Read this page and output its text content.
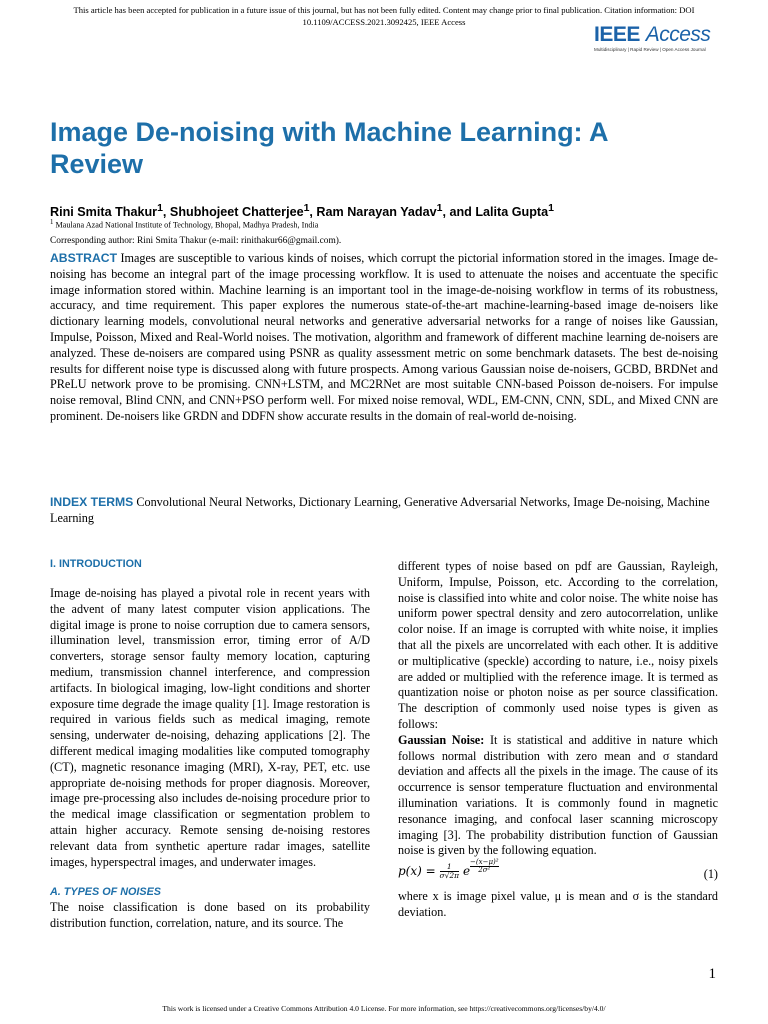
This article has been accepted for publication in a future issue of this journal, but has not been fully edited. Content may change prior to final publication. Citation information: DOI
10.1109/ACCESS.2021.3092425, IEEE Access
IEEE Access
Multidisciplinary | Rapid Review | Open Access Journal
Image De-noising with Machine Learning: A Review
Rini Smita Thakur$^1$, Shubhojeet Chatterjee$^1$, Ram Narayan Yadav$^1$, and Lalita Gupta$^1$
$^1$ Maulana Azad National Institute of Technology, Bhopal, Madhya Pradesh, India
Corresponding author: Rini Smita Thakur (e-mail: rinithakur66@gmail.com).
ABSTRACT Images are susceptible to various kinds of noises, which corrupt the pictorial information stored in the images. Image de-noising has become an integral part of the image processing workflow. It is used to attenuate the noises and accentuate the specific image information stored within. Machine learning is an important tool in the image-de-noising workflow in terms of its robustness, accuracy, and time requirement. This paper explores the numerous state-of-the-art machine-learning-based image de-noisers like dictionary learning models, convolutional neural networks and generative adversarial networks for a range of noises like Gaussian, Impulse, Poisson, Mixed and Real-World noises. The motivation, algorithm and framework of different machine learning de-noisers are analyzed. These de-noisers are compared using PSNR as quality assessment metric on some benchmark datasets. The best de-noising results for different noise type is discussed along with future prospects. Among various Gaussian noise de-noisers, GCBD, BRDNet and PReLU network prove to be promising. CNN+LSTM, and MC2RNet are most suitable CNN-based Poisson de-noisers. For impulse noise removal, Blind CNN, and CNN+PSO perform well. For mixed noise removal, WDL, EM-CNN, CNN, SDL, and Mixed CNN are prominent. De-noisers like GRDN and DDFN show accurate results in the domain of real-world de-noising.
INDEX TERMS Convolutional Neural Networks, Dictionary Learning, Generative Adversarial Networks, Image De-noising, Machine Learning
I. INTRODUCTION

Image de-noising has played a pivotal role in recent years with the advent of many latest computer vision applications. The digital image is prone to noise corruption due to camera sensors, illumination level, transmission error, timing error of A/D converters, storage sensor faulty memory location, capturing medium, transmission channel interference, and compression artifacts. In biological imaging, low-light conditions and shorter exposure time degrade the image quality [1]. Image restoration is required in various fields such as medical imaging, remote sensing, underwater de-noising, dehazing applications [2]. The different medical imaging modalities like computed tomography (CT), magnetic resonance imaging (MRI), X-ray, PET, etc. use appropriate de-noising methods for proper diagnosis. Moreover, image pre-processing also includes de-noising procedure prior to the medical image classification or segmentation problem to attain higher accuracy. Remote sensing de-noising restores relevant data from synthetic aperture radar images, satellite images, hyperspectral images, and underwater images.

A. TYPES OF NOISES

The noise classification is done based on its probability distribution function, correlation, nature, and its source. The

different types of noise based on pdf are Gaussian, Rayleigh, Uniform, Impulse, Poisson, etc. According to the correlation, noise is classified into white and color noise. The white noise has uniform power spectral density and zero autocorrelation, unlike color noise. If an image is corrupted with white noise, it implies that all the pixels are uncorrelated with each other. It is additive or multiplicative (speckle) according to nature, i.e., noisy pixels are added or multiplied with the reference image. It is termed as quantization noise or photon noise as per source classification. The description of commonly used noise types is given as follows:

Gaussian Noise: It is statistical and additive in nature which follows normal distribution with zero mean and σ standard deviation and affects all the pixels in the image. The cause of its occurrence is sensor temperature fluctuation and environmental illumination variations. It is commonly found in magnetic resonance imaging, and confocal laser scanning microscopy imaging [3]. The probability distribution function of Gaussian noise is given by the following equation.

$p(x) = \frac{1}{\sigma√2\pi}$ e $\frac{\text{−(x−μ)²}}{\text{2σ²}}$	(1)

where x is image pixel value, μ is mean and σ is the standard deviation.

1
This work is licensed under a Creative Commons Attribution 4.0 License. For more information, see https://creativecommons.org/licenses/by/4.0/
